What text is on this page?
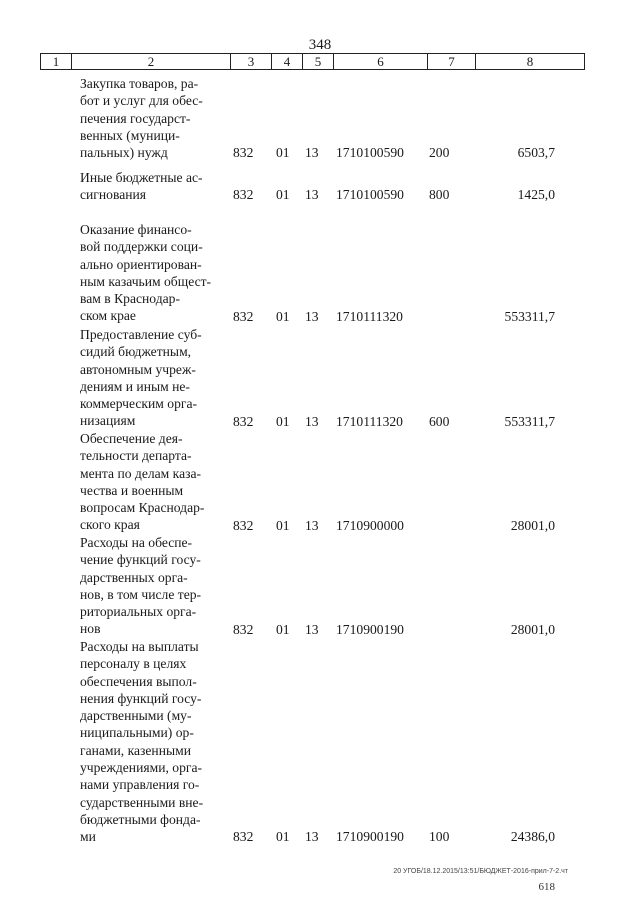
348
1	2	3	4	5	6	7	8
Закупка товаров, ра-
бот и услуг для обес-
печения государст-
венных (муници-
пальных) нужд	832 01 13 1710100590 200	6503,7
Иные бюджетные ас-
сигнования	832 01 13 1710100590 800	1425,0
Оказание финансо-
вой поддержки соци-
ально ориентирован-
ным казачьим общест-
вам в Краснодар-
ском крае	832 01 13 1710111320	553311,7
Предоставление суб-
сидий бюджетным,
автономным учреж-
дениям и иным не-
коммерческим орга-
низациям	832 01 13 1710111320 600	553311,7
Обеспечение дея-
тельности департа-
мента по делам каза-
чества и военным
вопросам Краснодар-
ского края	832 01 13 1710900000	28001,0
Расходы на обеспе-
чение функций госу-
дарственных орга-
нов, в том числе тер-
риториальных орга-
нов	832 01 13 1710900190	28001,0
Расходы на выплаты
персоналу в целях
обеспечения выпол-
нения функций госу-
дарственными (му-
ниципальными) ор-
ганами, казенными
учреждениями, орга-
нами управления го-
сударственными вне-
бюджетными фонда-
ми	832 01 13 1710900190 100	24386,0
20 УГОБ/18.12.2015/13:51/БЮДЖЕТ-2016-прил-7-2.чт
618
